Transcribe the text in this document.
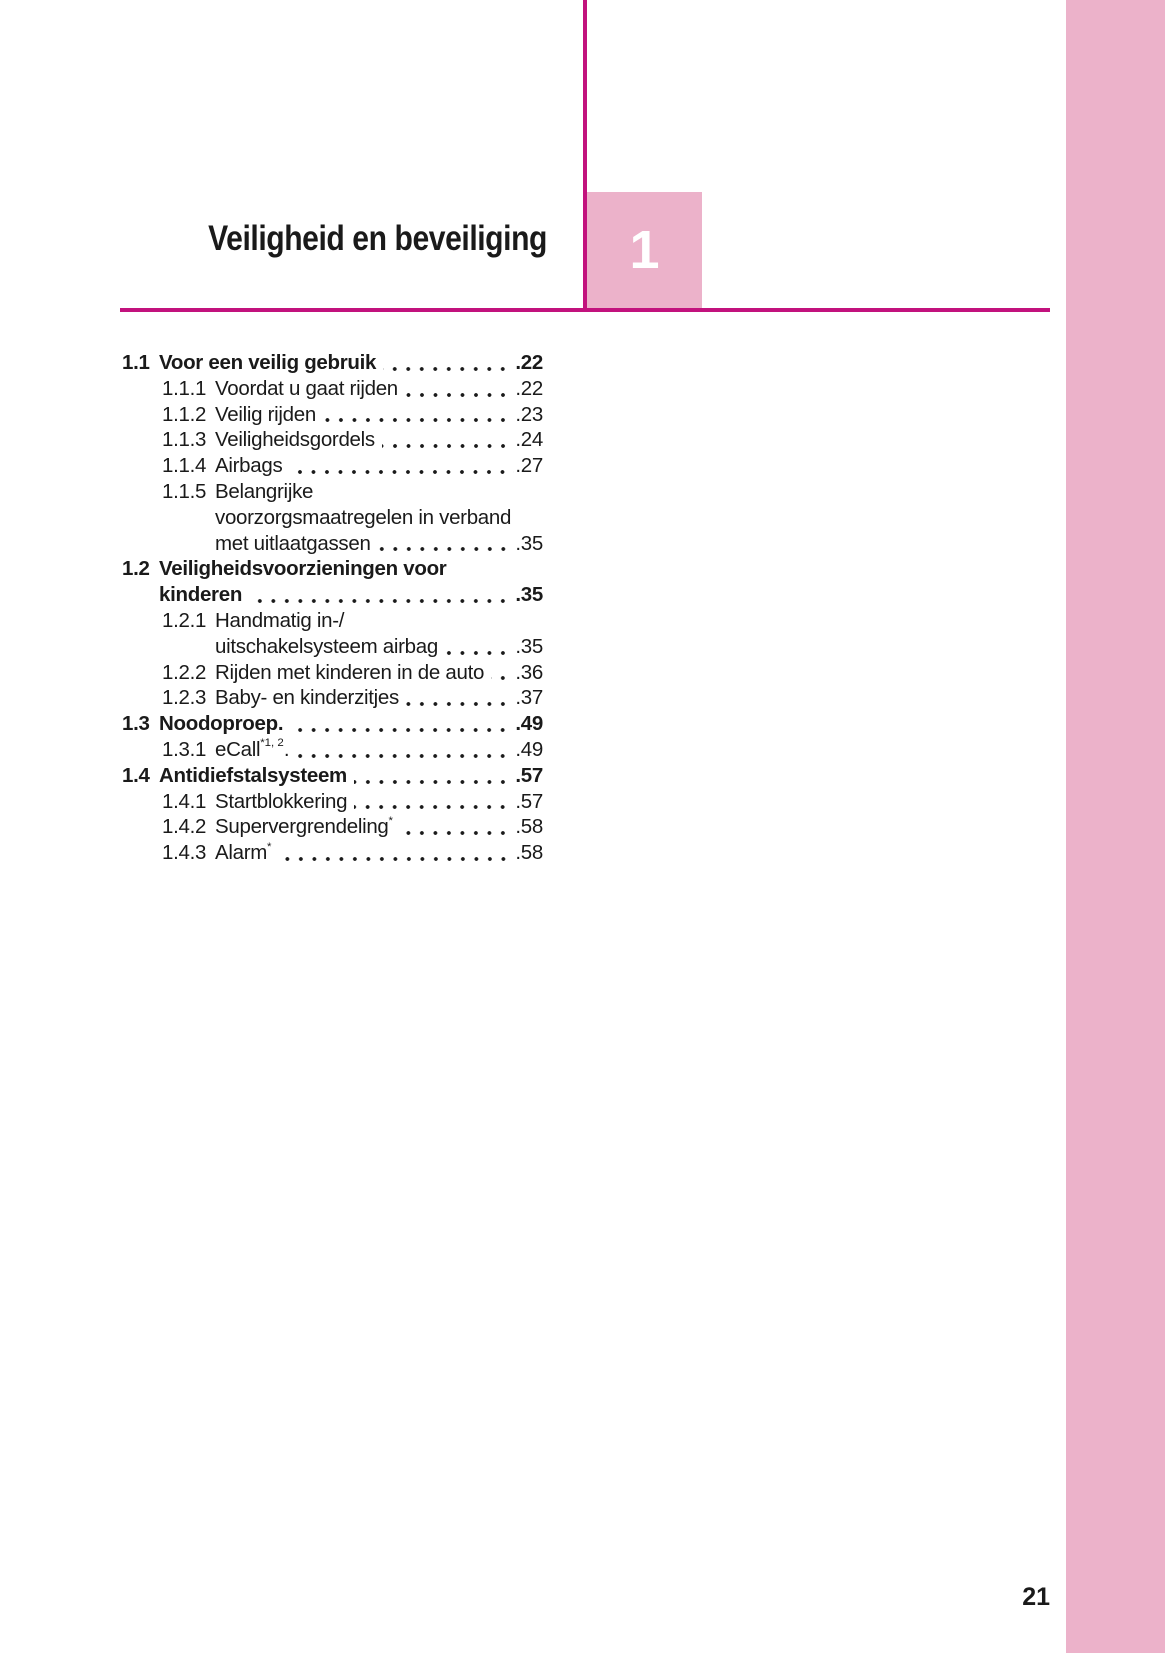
Veiligheid en beveiliging 1
1.1 Voor een veilig gebruik	.22
1.1.1 Voordat u gaat rijden	.22
1.1.2 Veilig rijden	.23
1.1.3 Veiligheidsgordels	.24
1.1.4 Airbags	.27
1.1.5 Belangrijke
voorzorgsmaatregelen in verband
met uitlaatgassen	.35
1.2 Veiligheidsvoorzieningen voor
kinderen	.35
1.2.1 Handmatig in-/
uitschakelsysteem airbag	.35
1.2.2 Rijden met kinderen in de auto .36
1.2.3 Baby- en kinderzitjes	.37
1.3 Noodoproep.	.49
1.3.1 eCall$^{*1, 2}$.	.49
1.4 Antidiefstalsysteem	.57
1.4.1 Startblokkering	.57
1.4.2 Supervergrendeling*	.58
1.4.3 Alarm*	.58
21
